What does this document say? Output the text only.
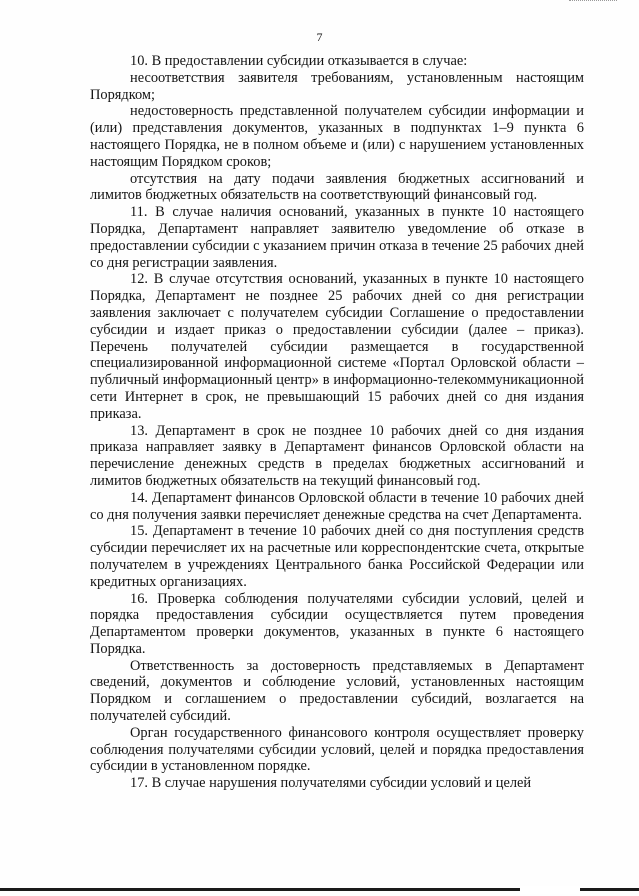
7

10. В предоставлении субсидии отказывается в случае:

несоответствия заявителя требованиям, установленным настоящим Порядком;

недостоверность представленной получателем субсидии информации и (или) представления документов, указанных в подпунктах 1–9 пункта 6 настоящего Порядка, не в полном объеме и (или) с нарушением установленных настоящим Порядком сроков;

отсутствия на дату подачи заявления бюджетных ассигнований и лимитов бюджетных обязательств на соответствующий финансовый год.

11. В случае наличия оснований, указанных в пункте 10 настоящего Порядка, Департамент направляет заявителю уведомление об отказе в предоставлении субсидии с указанием причин отказа в течение 25 рабочих дней со дня регистрации заявления.

12. В случае отсутствия оснований, указанных в пункте 10 настоящего Порядка, Департамент не позднее 25 рабочих дней со дня регистрации заявления заключает с получателем субсидии Соглашение о предоставлении субсидии и издает приказ о предоставлении субсидии (далее – приказ). Перечень получателей субсидии размещается в государственной специализированной информационной системе «Портал Орловской области – публичный информационный центр» в информационно-телекоммуникационной сети Интернет в срок, не превышающий 15 рабочих дней со дня издания приказа.

13. Департамент в срок не позднее 10 рабочих дней со дня издания приказа направляет заявку в Департамент финансов Орловской области на перечисление денежных средств в пределах бюджетных ассигнований и лимитов бюджетных обязательств на текущий финансовый год.

14. Департамент финансов Орловской области в течение 10 рабочих дней со дня получения заявки перечисляет денежные средства на счет Департамента.

15. Департамент в течение 10 рабочих дней со дня поступления средств субсидии перечисляет их на расчетные или корреспондентские счета, открытые получателем в учреждениях Центрального банка Российской Федерации или кредитных организациях.

16. Проверка соблюдения получателями субсидии условий, целей и порядка предоставления субсидии осуществляется путем проведения Департаментом проверки документов, указанных в пункте 6 настоящего Порядка.

Ответственность за достоверность представляемых в Департамент сведений, документов и соблюдение условий, установленных настоящим Порядком и соглашением о предоставлении субсидий, возлагается на получателей субсидий.

Орган государственного финансового контроля осуществляет проверку соблюдения получателями субсидии условий, целей и порядка предоставления субсидии в установленном порядке.

17. В случае нарушения получателями субсидии условий и целей
